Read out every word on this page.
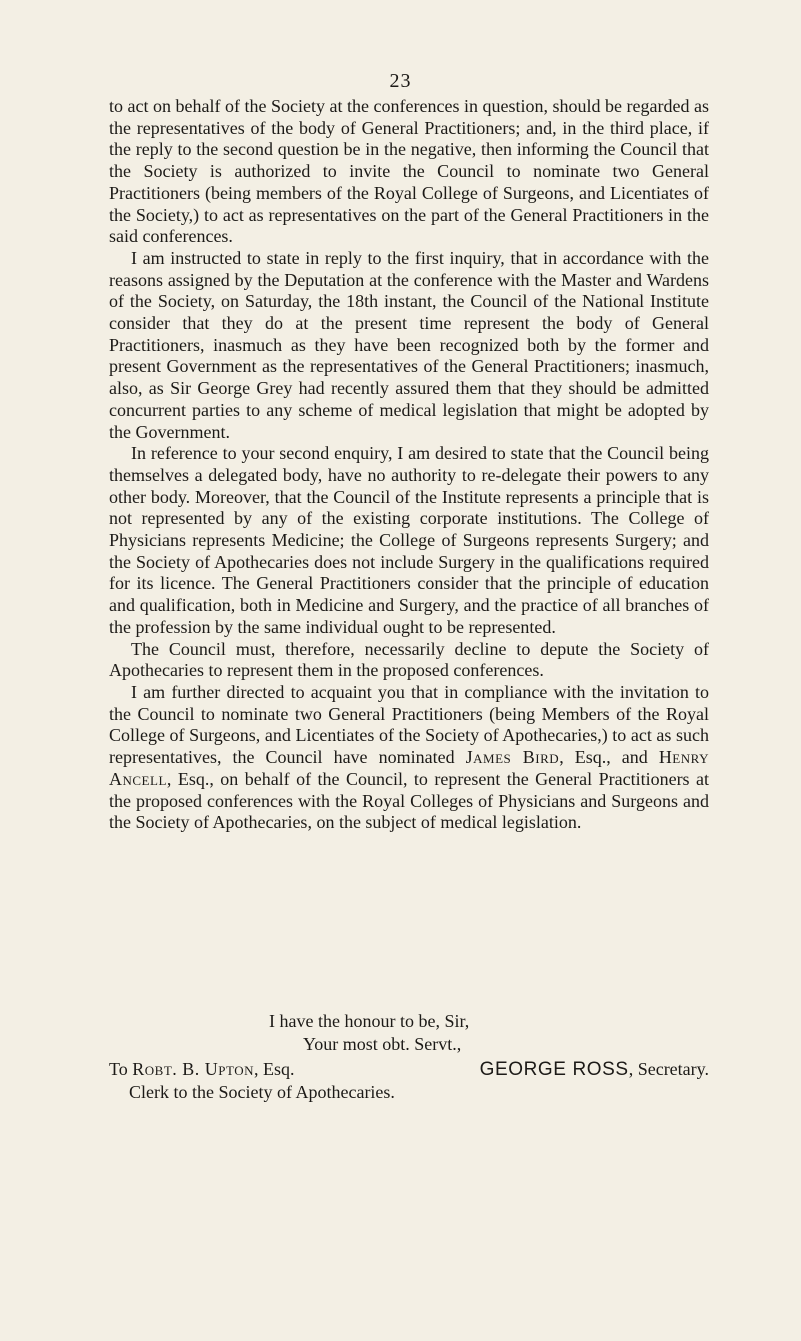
23

to act on behalf of the Society at the conferences in question, should be regarded as the representatives of the body of General Practitioners; and, in the third place, if the reply to the second question be in the negative, then informing the Council that the Society is authorized to invite the Council to nominate two General Practitioners (being members of the Royal College of Surgeons, and Licentiates of the Society,) to act as representatives on the part of the General Practitioners in the said conferences.

I am instructed to state in reply to the first inquiry, that in accordance with the reasons assigned by the Deputation at the conference with the Master and Wardens of the Society, on Saturday, the 18th instant, the Council of the National Institute consider that they do at the present time represent the body of General Practitioners, inasmuch as they have been recognized both by the former and present Government as the representatives of the General Practitioners; inasmuch, also, as Sir George Grey had recently assured them that they should be admitted concurrent parties to any scheme of medical legislation that might be adopted by the Government.

In reference to your second enquiry, I am desired to state that the Council being themselves a delegated body, have no authority to re-delegate their powers to any other body. Moreover, that the Council of the Institute represents a principle that is not represented by any of the existing corporate institutions. The College of Physicians represents Medicine; the College of Surgeons represents Surgery; and the Society of Apothecaries does not include Surgery in the qualifications required for its licence. The General Practitioners consider that the principle of education and qualification, both in Medicine and Surgery, and the practice of all branches of the profession by the same individual ought to be represented.

The Council must, therefore, necessarily decline to depute the Society of Apothecaries to represent them in the proposed conferences.

I am further directed to acquaint you that in compliance with the invitation to the Council to nominate two General Practitioners (being Members of the Royal College of Surgeons, and Licentiates of the Society of Apothecaries,) to act as such representatives, the Council have nominated James Bird, Esq., and Henry Ancell, Esq., on behalf of the Council, to represent the General Practitioners at the proposed conferences with the Royal Colleges of Physicians and Surgeons and the Society of Apothecaries, on the subject of medical legislation.

I have the honour to be, Sir,
Your most obt. Servt.,
To Robt. B. Upton, Esq.	GEORGE ROSS, Secretary.
Clerk to the Society of Apothecaries.
